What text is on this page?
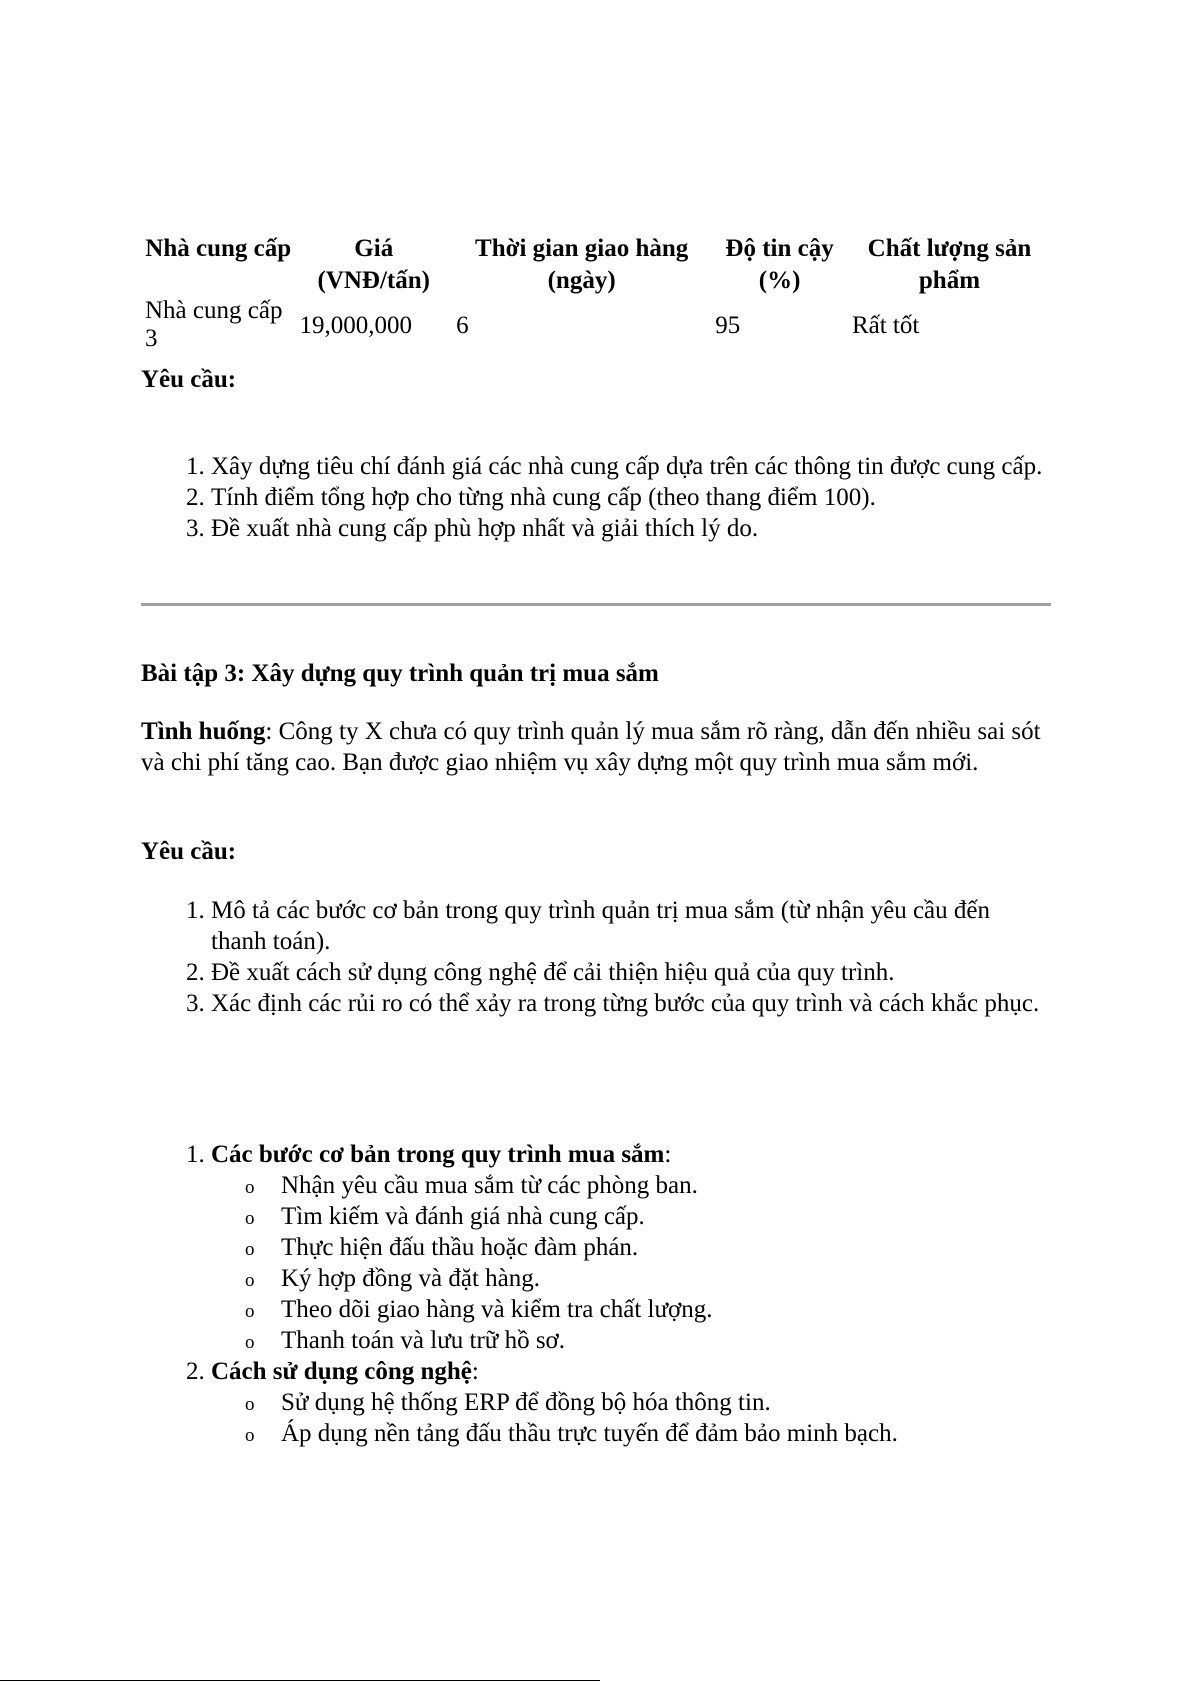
Nhà cung cấp	Giá (VNĐ/tấn)	Thời gian giao hàng (ngày)	Độ tin cậy (%)	Chất lượng sản phẩm
Nhà cung cấp 3	19,000,000	6	95	Rất tốt
Yêu cầu:
1. Xây dựng tiêu chí đánh giá các nhà cung cấp dựa trên các thông tin được cung cấp.
2. Tính điểm tổng hợp cho từng nhà cung cấp (theo thang điểm 100).
3. Đề xuất nhà cung cấp phù hợp nhất và giải thích lý do.
Bài tập 3: Xây dựng quy trình quản trị mua sắm
Tình huống: Công ty X chưa có quy trình quản lý mua sắm rõ ràng, dẫn đến nhiều sai sót và chi phí tăng cao. Bạn được giao nhiệm vụ xây dựng một quy trình mua sắm mới.
Yêu cầu:
1. Mô tả các bước cơ bản trong quy trình quản trị mua sắm (từ nhận yêu cầu đến thanh toán).
2. Đề xuất cách sử dụng công nghệ để cải thiện hiệu quả của quy trình.
3. Xác định các rủi ro có thể xảy ra trong từng bước của quy trình và cách khắc phục.
1. Các bước cơ bản trong quy trình mua sắm:
o Nhận yêu cầu mua sắm từ các phòng ban.
o Tìm kiếm và đánh giá nhà cung cấp.
o Thực hiện đấu thầu hoặc đàm phán.
o Ký hợp đồng và đặt hàng.
o Theo dõi giao hàng và kiểm tra chất lượng.
o Thanh toán và lưu trữ hồ sơ.
2. Cách sử dụng công nghệ:
o Sử dụng hệ thống ERP để đồng bộ hóa thông tin.
o Áp dụng nền tảng đấu thầu trực tuyến để đảm bảo minh bạch.
